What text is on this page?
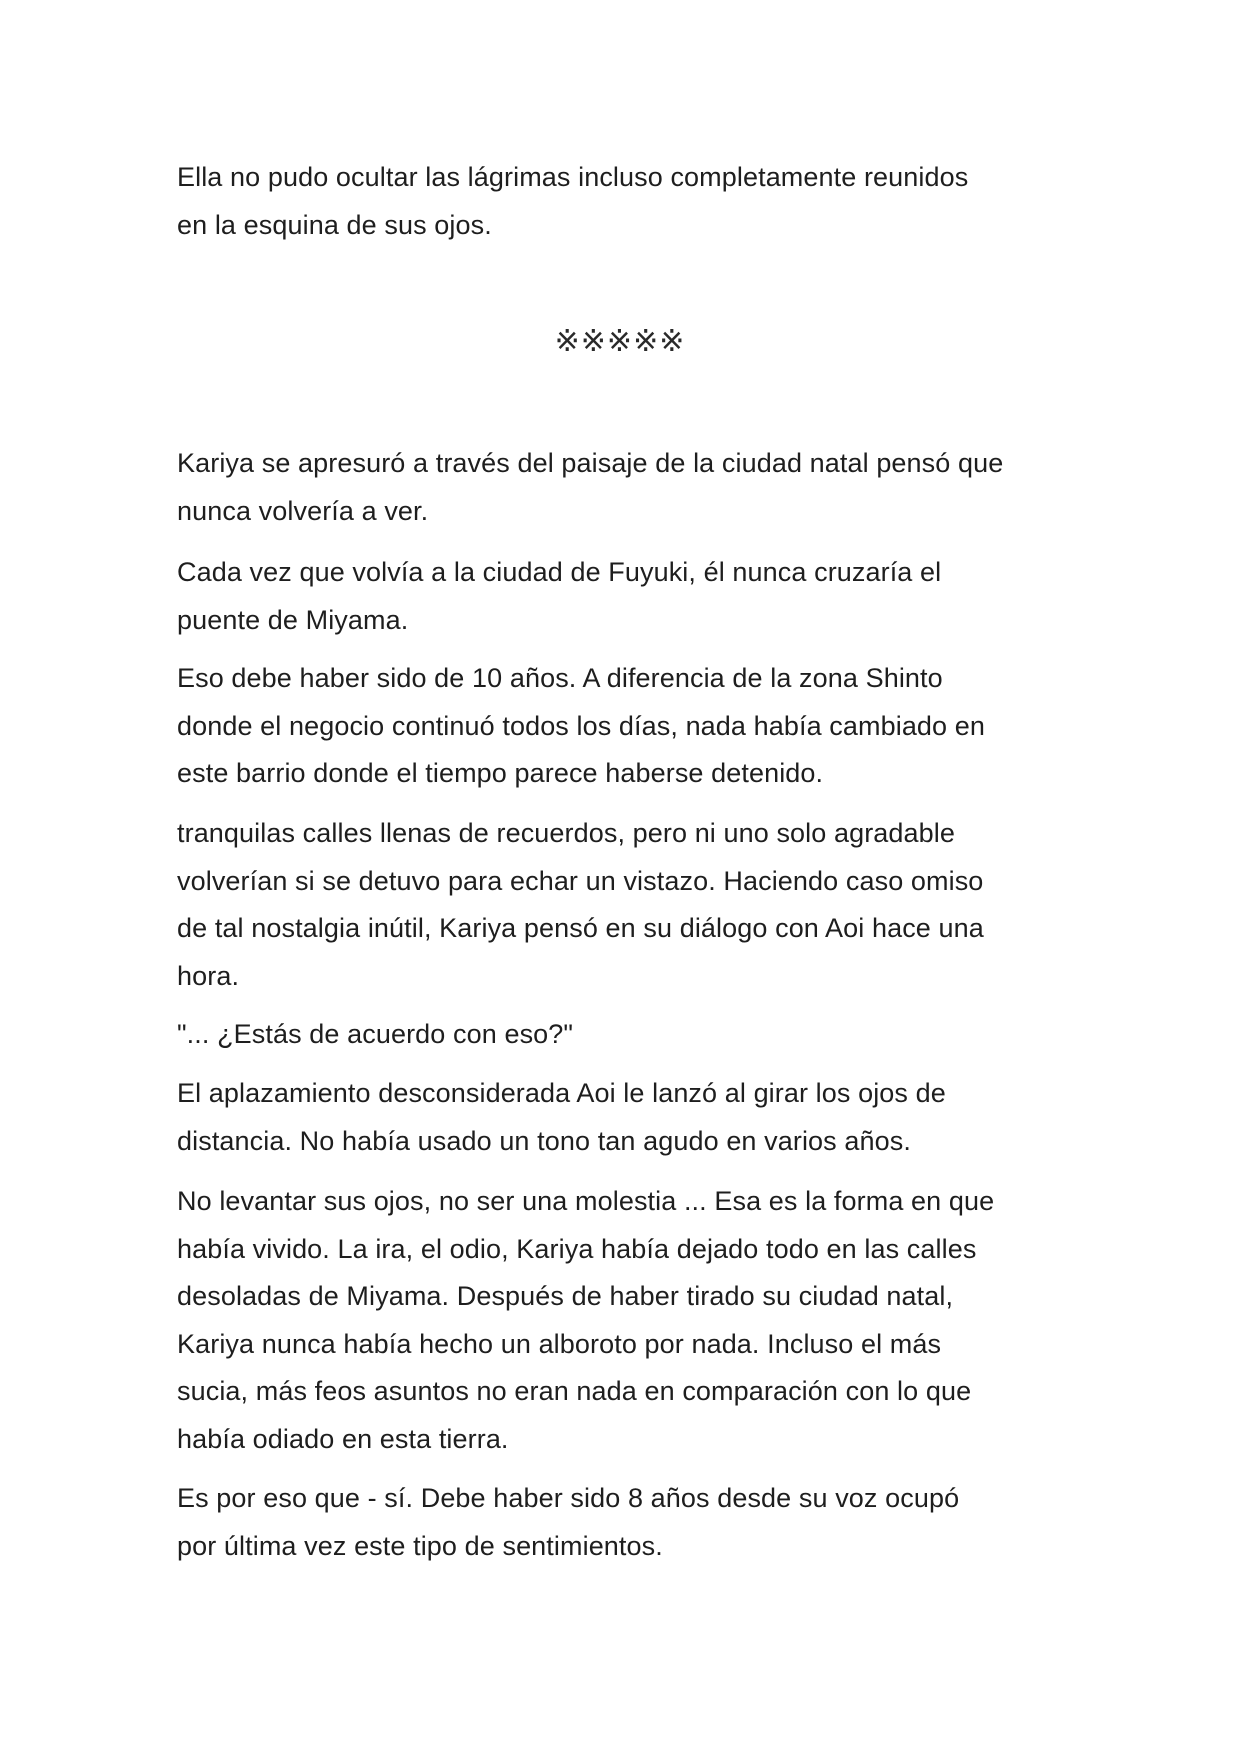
Ella no pudo ocultar las lágrimas incluso completamente reunidos
en la esquina de sus ojos.

※※※※※

Kariya se apresuró a través del paisaje de la ciudad natal pensó que
nunca volvería a ver.

Cada vez que volvía a la ciudad de Fuyuki, él nunca cruzaría el
puente de Miyama.

Eso debe haber sido de 10 años. A diferencia de la zona Shinto
donde el negocio continuó todos los días, nada había cambiado en
este barrio donde el tiempo parece haberse detenido.

tranquilas calles llenas de recuerdos, pero ni uno solo agradable
volverían si se detuvo para echar un vistazo. Haciendo caso omiso
de tal nostalgia inútil, Kariya pensó en su diálogo con Aoi hace una
hora.

"... ¿Estás de acuerdo con eso?"

El aplazamiento desconsiderada Aoi le lanzó al girar los ojos de
distancia. No había usado un tono tan agudo en varios años.

No levantar sus ojos, no ser una molestia ... Esa es la forma en que
había vivido. La ira, el odio, Kariya había dejado todo en las calles
desoladas de Miyama. Después de haber tirado su ciudad natal,
Kariya nunca había hecho un alboroto por nada. Incluso el más
sucia, más feos asuntos no eran nada en comparación con lo que
había odiado en esta tierra.

Es por eso que - sí. Debe haber sido 8 años desde su voz ocupó
por última vez este tipo de sentimientos.
